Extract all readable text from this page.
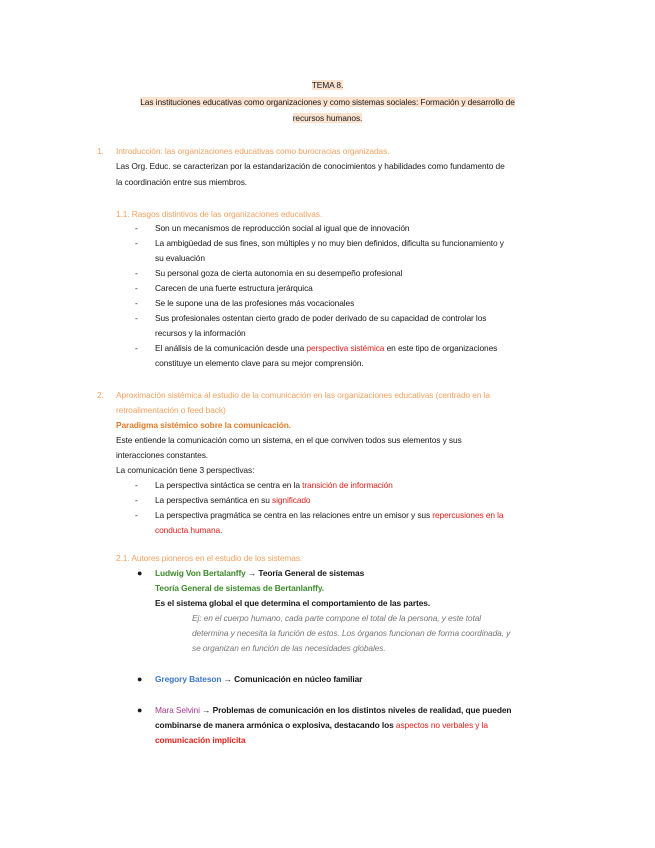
TEMA 8.
Las instituciones educativas como organizaciones y como sistemas sociales: Formación y desarrollo de
recursos humanos.
1. Introducción: las organizaciones educativas como burocracias organizadas.
Las Org. Educ. se caracterizan por la estandarización de conocimientos y habilidades como fundamento de
la coordinación entre sus miembros.
1.1. Rasgos distintivos de las organizaciones educativas.
- Son un mecanismos de reproducción social al igual que de innovación
- La ambigüedad de sus fines, son múltiples y no muy bien definidos, dificulta su funcionamiento y
su evaluación
- Su personal goza de cierta autonomía en su desempeño profesional
- Carecen de una fuerte estructura jerárquica
- Se le supone una de las profesiones más vocacionales
- Sus profesionales ostentan cierto grado de poder derivado de su capacidad de controlar los
recursos y la información
- El análisis de la comunicación desde una perspectiva sistémica en este tipo de organizaciones
constituye un elemento clave para su mejor comprensión.
2. Aproximación sistémica al estudio de la comunicación en las organizaciones educativas (centrado en la
retroalimentación o feed back)
Paradigma sistémico sobre la comunicación.
Este entiende la comunicación como un sistema, en el que conviven todos sus elementos y sus
interacciones constantes.
La comunicación tiene 3 perspectivas:
- La perspectiva sintáctica se centra en la transición de información
- La perspectiva semántica en su significado
- La perspectiva pragmática se centra en las relaciones entre un emisor y sus repercusiones en la
conducta humana.
2.1. Autores pioneros en el estudio de los sistemas.
● Ludwig Von Bertalanffy → Teoría General de sistemas
Teoría General de sistemas de Bertanlanffy.
Es el sistema global el que determina el comportamiento de las partes.
Ej: en el cuerpo humano, cada parte compone el total de la persona, y este total
determina y necesita la función de estos. Los órganos funcionan de forma coordinada, y
se organizan en función de las necesidades globales.
● Gregory Bateson → Comunicación en núcleo familiar
● Mara Selvini → Problemas de comunicación en los distintos niveles de realidad, que pueden
combinarse de manera armónica o explosiva, destacando los aspectos no verbales y la
comunicación implícita
